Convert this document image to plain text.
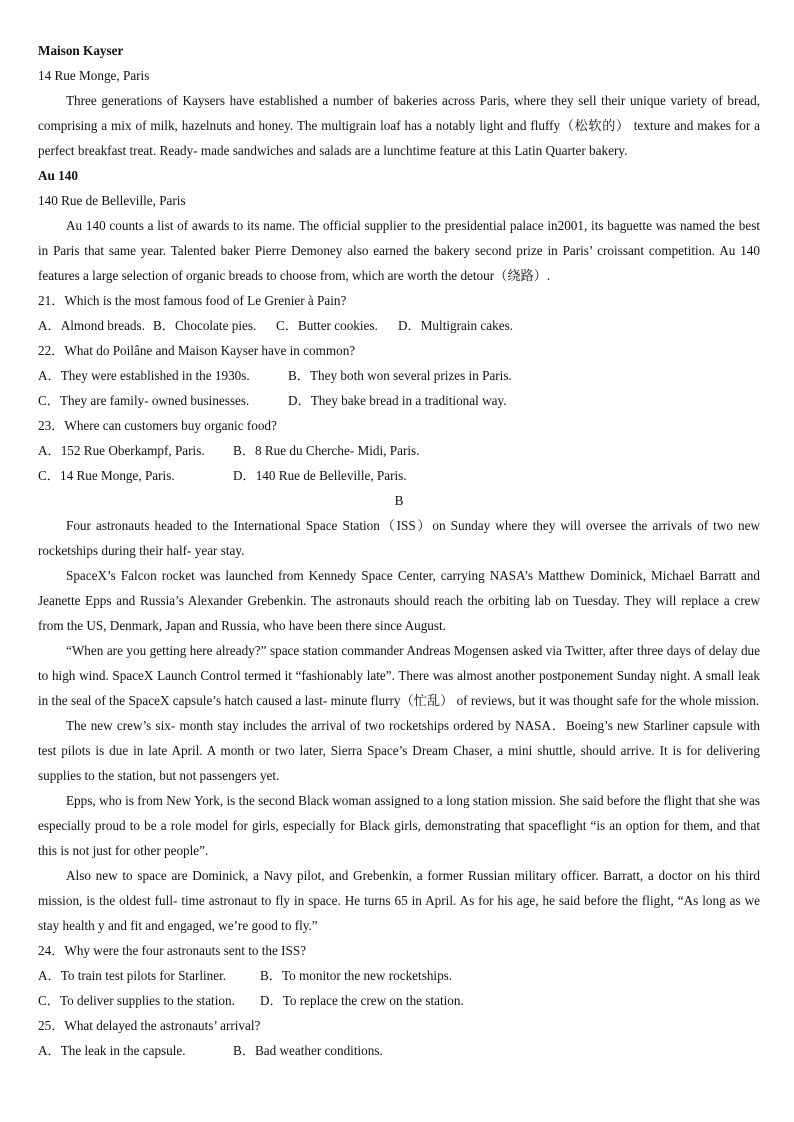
Maison Kayser
14 Rue Monge, Paris
Three generations of Kaysers have established a number of bakeries across Paris, where they sell their unique variety of bread, comprising a mix of milk, hazelnuts and honey. The multigrain loaf has a notably light and fluffy（松软的） texture and makes for a perfect breakfast treat. Ready- made sandwiches and salads are a lunchtime feature at this Latin Quarter bakery.
Au 140
140 Rue de Belleville, Paris
Au 140 counts a list of awards to its name. The official supplier to the presidential palace in2001, its baguette was named the best in Paris that same year. Talented baker Pierre Demoney also earned the bakery second prize in Paris’ croissant competition. Au 140 features a large selection of organic breads to choose from, which are worth the detour（绕路）.
21．Which is the most famous food of Le Grenier à Pain?
A．Almond breads. B．Chocolate pies. C．Butter cookies. D．Multigrain cakes.
22．What do Poilâne and Maison Kayser have in common?
A．They were established in the 1930s.	B．They both won several prizes in Paris.
C．They are family- owned businesses.	D．They bake bread in a traditional way.
23．Where can customers buy organic food?
A．152 Rue Oberkampf, Paris. B．8 Rue du Cherche- Midi, Paris.
C．14 Rue Monge, Paris.	D．140 Rue de Belleville, Paris.
B
Four astronauts headed to the International Space Station（ISS）on Sunday where they will oversee the arrivals of two new rocketships during their half- year stay.
SpaceX’s Falcon rocket was launched from Kennedy Space Center, carrying NASA’s Matthew Dominick, Michael Barratt and Jeanette Epps and Russia’s Alexander Grebenkin. The astronauts should reach the orbiting lab on Tuesday. They will replace a crew from the US, Denmark, Japan and Russia, who have been there since August.
“When are you getting here already?” space station commander Andreas Mogensen asked via Twitter, after three days of delay due to high wind. SpaceX Launch Control termed it “fashionably late”. There was almost another postponement Sunday night. A small leak in the seal of the SpaceX capsule’s hatch caused a last- minute flurry（忙乱） of reviews, but it was thought safe for the whole mission.
The new crew’s six- month stay includes the arrival of two rocketships ordered by NASA．Boeing’s new Starliner capsule with test pilots is due in late April. A month or two later, Sierra Space’s Dream Chaser, a mini shuttle, should arrive. It is for delivering supplies to the station, but not passengers yet.
Epps, who is from New York, is the second Black woman assigned to a long station mission. She said before the flight that she was especially proud to be a role model for girls, especially for Black girls, demonstrating that spaceflight “is an option for them, and that this is not just for other people”.
Also new to space are Dominick, a Navy pilot, and Grebenkin, a former Russian military officer. Barratt, a doctor on his third mission, is the oldest full- time astronaut to fly in space. He turns 65 in April. As for his age, he said before the flight, “As long as we stay health y and fit and engaged, we’re good to fly.”
24．Why were the four astronauts sent to the ISS?
A．To train test pilots for Starliner.	B．To monitor the new rocketships.
C．To deliver supplies to the station. D．To replace the crew on the station.
25．What delayed the astronauts’ arrival?
A．The leak in the capsule.	B．Bad weather conditions.
